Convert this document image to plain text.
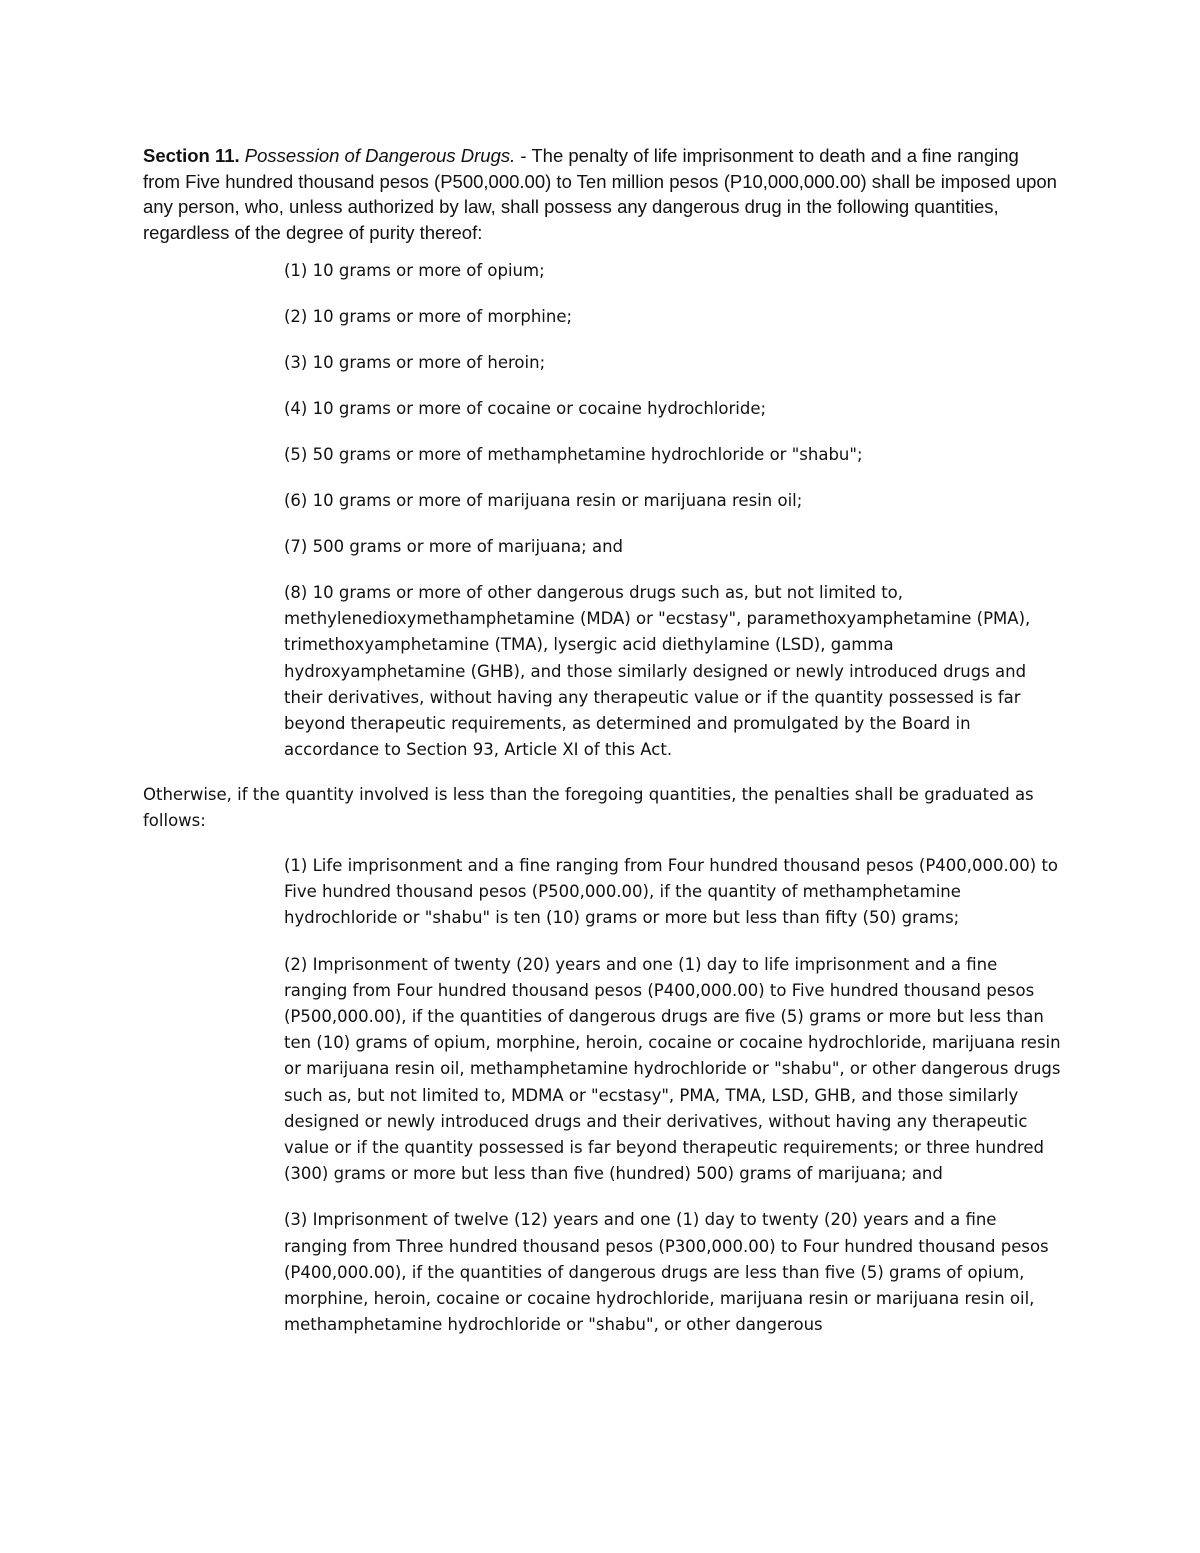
Section 11. Possession of Dangerous Drugs. - The penalty of life imprisonment to death and a fine ranging from Five hundred thousand pesos (P500,000.00) to Ten million pesos (P10,000,000.00) shall be imposed upon any person, who, unless authorized by law, shall possess any dangerous drug in the following quantities, regardless of the degree of purity thereof:

(1) 10 grams or more of opium;
(2) 10 grams or more of morphine;
(3) 10 grams or more of heroin;
(4) 10 grams or more of cocaine or cocaine hydrochloride;
(5) 50 grams or more of methamphetamine hydrochloride or "shabu";
(6) 10 grams or more of marijuana resin or marijuana resin oil;
(7) 500 grams or more of marijuana; and
(8) 10 grams or more of other dangerous drugs such as, but not limited to, methylenedioxymethamphetamine (MDA) or "ecstasy", paramethoxyamphetamine (PMA), trimethoxyamphetamine (TMA), lysergic acid diethylamine (LSD), gamma hydroxyamphetamine (GHB), and those similarly designed or newly introduced drugs and their derivatives, without having any therapeutic value or if the quantity possessed is far beyond therapeutic requirements, as determined and promulgated by the Board in accordance to Section 93, Article XI of this Act.

Otherwise, if the quantity involved is less than the foregoing quantities, the penalties shall be graduated as follows:

(1) Life imprisonment and a fine ranging from Four hundred thousand pesos (P400,000.00) to Five hundred thousand pesos (P500,000.00), if the quantity of methamphetamine hydrochloride or "shabu" is ten (10) grams or more but less than fifty (50) grams;
(2) Imprisonment of twenty (20) years and one (1) day to life imprisonment and a fine ranging from Four hundred thousand pesos (P400,000.00) to Five hundred thousand pesos (P500,000.00), if the quantities of dangerous drugs are five (5) grams or more but less than ten (10) grams of opium, morphine, heroin, cocaine or cocaine hydrochloride, marijuana resin or marijuana resin oil, methamphetamine hydrochloride or "shabu", or other dangerous drugs such as, but not limited to, MDMA or "ecstasy", PMA, TMA, LSD, GHB, and those similarly designed or newly introduced drugs and their derivatives, without having any therapeutic value or if the quantity possessed is far beyond therapeutic requirements; or three hundred (300) grams or more but less than five (hundred) 500) grams of marijuana; and
(3) Imprisonment of twelve (12) years and one (1) day to twenty (20) years and a fine ranging from Three hundred thousand pesos (P300,000.00) to Four hundred thousand pesos (P400,000.00), if the quantities of dangerous drugs are less than five (5) grams of opium, morphine, heroin, cocaine or cocaine hydrochloride, marijuana resin or marijuana resin oil, methamphetamine hydrochloride or "shabu", or other dangerous
